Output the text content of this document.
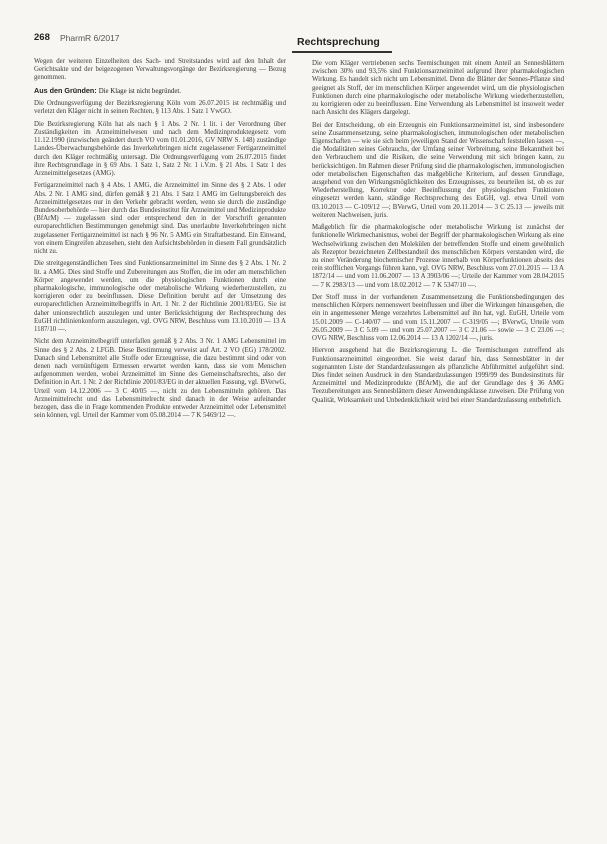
268 PharmR 6/2017	Rechtsprechung

Wegen der weiteren Einzelheiten des Sach- und Streitstandes wird auf den Inhalt der Gerichtsakte und der beigezogenen Verwaltungsvorgänge der Bezirksregierung — Bezug genommen.

Aus den Gründen: Die Klage ist nicht begründet.

Die Ordnungsverfügung der Bezirksregierung Köln vom 26.07.2015 ist rechtmäßig und verletzt den Kläger nicht in seinen Rechten, § 113 Abs. 1 Satz 1 VwGO.

Die Bezirksregierung Köln hat als nach § 1 Abs. 2 Nr. 1 lit. i der Verordnung über Zuständigkeiten im Arzneimittelwesen und nach dem Medizinproduktegesetz vom 11.12.1990 (inzwischen geändert durch VO vom 01.01.2016, GV NRW S. 148) zuständige Landes-Überwachungsbehörde das Inverkehrbringen nicht zugelassener Fertigarzneimittel durch den Kläger rechtmäßig untersagt. Die Ordnungsverfügung vom 26.07.2015 findet ihre Rechtsgrundlage in § 69 Abs. 1 Satz 1, Satz 2 Nr. 1 i.V.m. § 21 Abs. 1 Satz 1 des Arzneimittelgesetzes (AMG).

Fertigarzneimittel nach § 4 Abs. 1 AMG, die Arzneimittel im Sinne des § 2 Abs. 1 oder Abs. 2 Nr. 1 AMG sind, dürfen gemäß § 21 Abs. 1 Satz 1 AMG im Geltungsbereich des Arzneimittelgesetzes nur in den Verkehr gebracht werden, wenn sie durch die zuständige Bundesoberbehörde — hier durch das Bundesinstitut für Arzneimittel und Medizinprodukte (BfArM) — zugelassen sind oder entsprechend den in der Vorschrift genannten europarechtlichen Bestimmungen genehmigt sind. Das unerlaubte Inverkehrbringen nicht zugelassener Fertigarzneimittel ist nach § 96 Nr. 5 AMG ein Straftatbestand. Ein Einwand, von einem Eingreifen abzusehen, steht den Aufsichtsbehörden in diesem Fall grundsätzlich nicht zu.

Die streitgegenständlichen Tees sind Funktionsarzneimittel im Sinne des § 2 Abs. 1 Nr. 2 lit. a AMG. Dies sind Stoffe und Zubereitungen aus Stoffen, die im oder am menschlichen Körper angewendet werden, um die physiologischen Funktionen durch eine pharmakologische, immunologische oder metabolische Wirkung wiederherzustellen, zu korrigieren oder zu beeinflussen. Diese Definition beruht auf der Umsetzung des europarechtlichen Arzneimittelbegriffs in Art. 1 Nr. 2 der Richtlinie 2001/83/EG. Sie ist daher unionsrechtlich auszulegen und unter Berücksichtigung der Rechtsprechung des EuGH richtlinienkonform auszulegen, vgl. OVG NRW, Beschluss vom 13.10.2010 — 13 A 1187/10 —.

Nicht dem Arzneimittelbegriff unterfallen gemäß § 2 Abs. 3 Nr. 1 AMG Lebensmittel im Sinne des § 2 Abs. 2 LFGB. Diese Bestimmung verweist auf Art. 2 VO (EG) 178/2002. Danach sind Lebensmittel alle Stoffe oder Erzeugnisse, die dazu bestimmt sind oder von denen nach vernünftigem Ermessen erwartet werden kann, dass sie vom Menschen aufgenommen werden, wobei Arzneimittel im Sinne des Gemeinschaftsrechts, also der Definition in Art. 1 Nr. 2 der Richtlinie 2001/83/EG in der aktuellen Fassung, vgl. BVerwG, Urteil vom 14.12.2006 — 3 C 40/05 —, nicht zu den Lebensmitteln gehören. Das Arzneimittelrecht und das Lebensmittelrecht sind danach in der Weise aufeinander bezogen, dass die in Frage kommenden Produkte entweder Arzneimittel oder Lebensmittel sein können, vgl. Urteil der Kammer vom 05.08.2014 — 7 K 5469/12 —.

Die vom Kläger vertriebenen sechs Teemischungen mit einem Anteil an Sennesblättern zwischen 30% und 93,5% sind Funktionsarzneimittel aufgrund ihrer pharmakologischen Wirkung. Es handelt sich nicht um Lebensmittel. Denn die Blätter der Sennes-Pflanze sind geeignet als Stoff, der im menschlichen Körper angewendet wird, um die physiologischen Funktionen durch eine pharmakologische oder metabolische Wirkung wiederherzustellen, zu korrigieren oder zu beeinflussen. Eine Verwendung als Lebensmittel ist insoweit weder nach Ansicht des Klägers dargelegt.

Bei der Entscheidung, ob ein Erzeugnis ein Funktionsarzneimittel ist, sind insbesondere seine Zusammensetzung, seine pharmakologischen, immunologischen oder metabolischen Eigenschaften — wie sie sich beim jeweiligen Stand der Wissenschaft feststellen lassen —, die Modalitäten seines Gebrauchs, der Umfang seiner Verbreitung, seine Bekanntheit bei den Verbrauchern und die Risiken, die seine Verwendung mit sich bringen kann, zu berücksichtigen. Im Rahmen dieser Prüfung sind die pharmakologischen, immunologischen oder metabolischen Eigenschaften das maßgebliche Kriterium, auf dessen Grundlage, ausgehend von den Wirkungsmöglichkeiten des Erzeugnisses, zu beurteilen ist, ob es zur Wiederherstellung, Korrektur oder Beeinflussung der physiologischen Funktionen eingesetzt werden kann, ständige Rechtsprechung des EuGH, vgl. etwa Urteil vom 03.10.2013 — C-109/12 —; BVerwG, Urteil vom 20.11.2014 — 3 C 25.13 — jeweils mit weiteren Nachweisen, juris.

Maßgeblich für die pharmakologische oder metabolische Wirkung ist zunächst der funktionelle Wirkmechanismus, wobei der Begriff der pharmakologischen Wirkung als eine Wechselwirkung zwischen den Molekülen der betreffenden Stoffe und einem gewöhnlich als Rezeptor bezeichneten Zellbestandteil des menschlichen Körpers verstanden wird, die zu einer Veränderung biochemischer Prozesse innerhalb von Körperfunktionen abseits des rein stofflichen Vorgangs führen kann, vgl. OVG NRW, Beschluss vom 27.01.2015 — 13 A 1872/14 — und vom 11.06.2007 — 13 A 3903/06 —; Urteile der Kammer vom 28.04.2015 — 7 K 2983/13 — und vom 18.02.2012 — 7 K 5347/10 —.

Der Stoff muss in der vorhandenen Zusammensetzung die Funktionsbedingungen des menschlichen Körpers nennenswert beeinflussen und über die Wirkungen hinausgehen, die ein in angemessener Menge verzehrtes Lebensmittel auf ihn hat, vgl. EuGH, Urteile vom 15.01.2009 — C-140/07 — und vom 15.11.2007 — C-319/05 —; BVerwG, Urteile vom 26.05.2009 — 3 C 5.09 — und vom 25.07.2007 — 3 C 21.06 — sowie — 3 C 23.06 —; OVG NRW, Beschluss vom 12.06.2014 — 13 A 1202/14 —, juris.

Hiervon ausgehend hat die Bezirksregierung L. die Teemischungen zutreffend als Funktionsarzneimittel eingeordnet. Sie weist darauf hin, dass Sennesblätter in der sogenannten Liste der Standardzulassungen als pflanzliche Abführmittel aufgeführt sind. Dies findet seinen Ausdruck in den Standardzulassungen 1999/99 des Bundesinstituts für Arzneimittel und Medizinprodukte (BfArM), die auf der Grundlage des § 36 AMG Teezubereitungen aus Sennesblättern dieser Anwendungsklasse zuweisen. Die Prüfung von Qualität, Wirksamkeit und Unbedenklichkeit wird bei einer Standardzulassung entbehrlich.
